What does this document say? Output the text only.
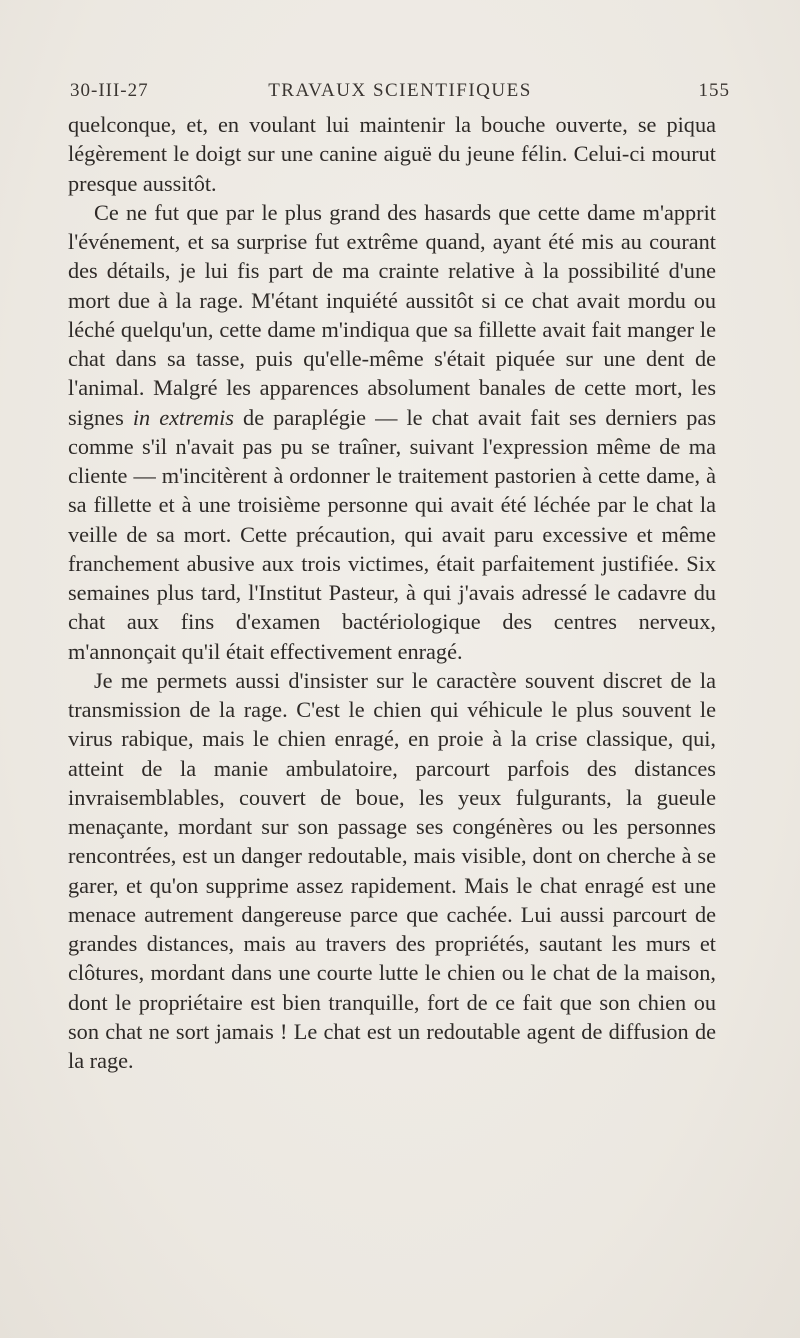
30-III-27	TRAVAUX SCIENTIFIQUES	155

quelconque, et, en voulant lui maintenir la bouche ouverte, se piqua légèrement le doigt sur une canine aiguë du jeune félin. Celui-ci mourut presque aussitôt.

Ce ne fut que par le plus grand des hasards que cette dame m'apprit l'événement, et sa surprise fut extrême quand, ayant été mis au courant des détails, je lui fis part de ma crainte relative à la possibilité d'une mort due à la rage. M'étant inquiété aussitôt si ce chat avait mordu ou léché quelqu'un, cette dame m'indiqua que sa fillette avait fait manger le chat dans sa tasse, puis qu'elle-même s'était piquée sur une dent de l'animal. Malgré les apparences absolument banales de cette mort, les signes in extremis de paraplégie — le chat avait fait ses derniers pas comme s'il n'avait pas pu se traîner, suivant l'expression même de ma cliente — m'incitèrent à ordonner le traitement pastorien à cette dame, à sa fillette et à une troisième personne qui avait été léchée par le chat la veille de sa mort. Cette précaution, qui avait paru excessive et même franchement abusive aux trois victimes, était parfaitement justifiée. Six semaines plus tard, l'Institut Pasteur, à qui j'avais adressé le cadavre du chat aux fins d'examen bactériologique des centres nerveux, m'annonçait qu'il était effectivement enragé.

Je me permets aussi d'insister sur le caractère souvent discret de la transmission de la rage. C'est le chien qui véhicule le plus souvent le virus rabique, mais le chien enragé, en proie à la crise classique, qui, atteint de la manie ambulatoire, parcourt parfois des distances invraisemblables, couvert de boue, les yeux fulgurants, la gueule menaçante, mordant sur son passage ses congénères ou les personnes rencontrées, est un danger redoutable, mais visible, dont on cherche à se garer, et qu'on supprime assez rapidement. Mais le chat enragé est une menace autrement dangereuse parce que cachée. Lui aussi parcourt de grandes distances, mais au travers des propriétés, sautant les murs et clôtures, mordant dans une courte lutte le chien ou le chat de la maison, dont le propriétaire est bien tranquille, fort de ce fait que son chien ou son chat ne sort jamais ! Le chat est un redoutable agent de diffusion de la rage.
